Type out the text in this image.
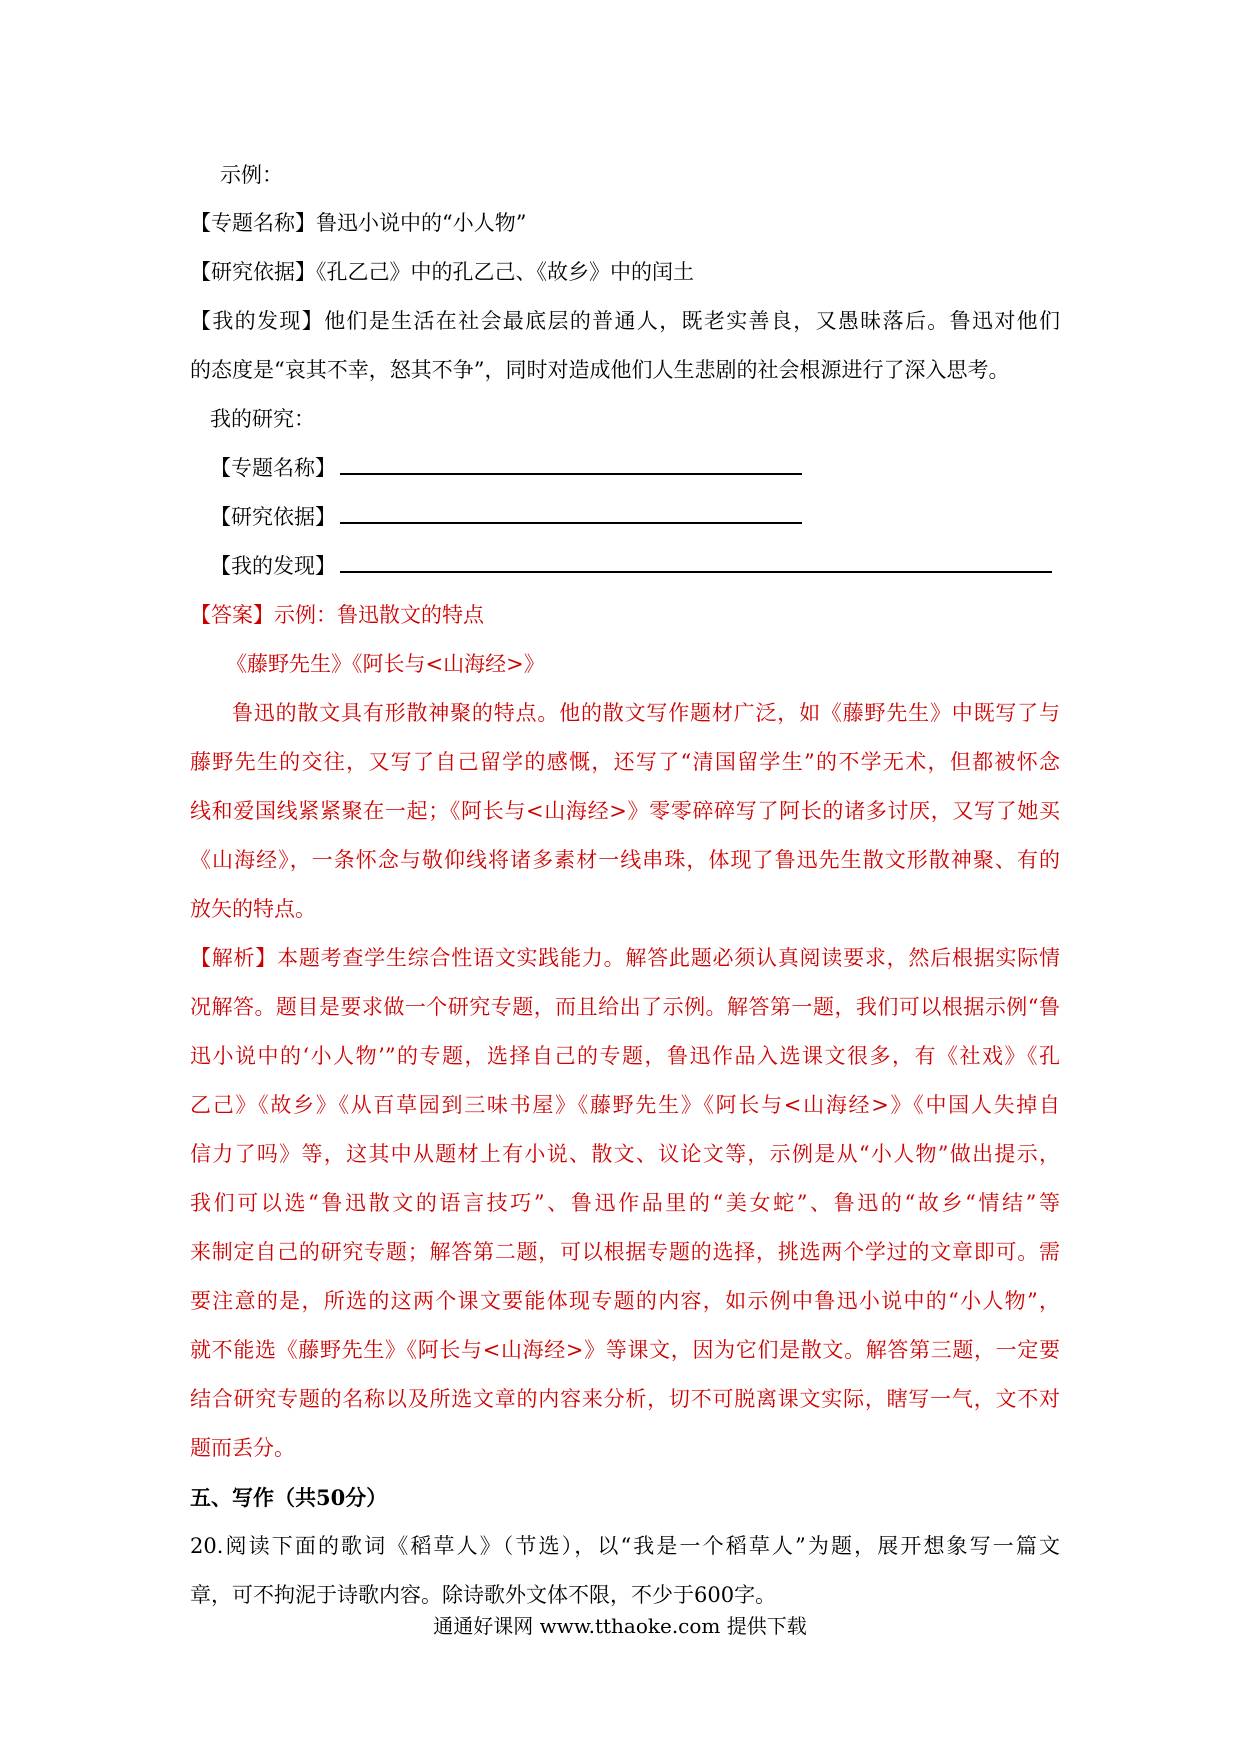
示例：
【专题名称】鲁迅小说中的“小人物”
【研究依据】《孔乙己》中的孔乙己、《故乡》中的闰土
【我的发现】他们是生活在社会最底层的普通人，既老实善良，又愚昧落后。鲁迅对他们
的态度是“哀其不幸，怒其不争”，同时对造成他们人生悲剧的社会根源进行了深入思考。
我的研究：
【专题名称】
【研究依据】
【我的发现】
【答案】示例：鲁迅散文的特点
《藤野先生》《阿长与<山海经>》
鲁迅的散文具有形散神聚的特点。他的散文写作题材广泛，如《藤野先生》中既写了与
藤野先生的交往，又写了自己留学的感慨，还写了“清国留学生”的不学无术，但都被怀念
线和爱国线紧紧聚在一起；《阿长与<山海经>》零零碎碎写了阿长的诸多讨厌，又写了她买
《山海经》，一条怀念与敬仰线将诸多素材一线串珠，体现了鲁迅先生散文形散神聚、有的
放矢的特点。
【解析】本题考查学生综合性语文实践能力。解答此题必须认真阅读要求，然后根据实际情
况解答。题目是要求做一个研究专题，而且给出了示例。解答第一题，我们可以根据示例“鲁
迅小说中的‘小人物’”的专题，选择自己的专题，鲁迅作品入选课文很多，有《社戏》《孔
乙己》《故乡》《从百草园到三味书屋》《藤野先生》《阿长与<山海经>》《中国人失掉自
信力了吗》等，这其中从题材上有小说、散文、议论文等，示例是从“小人物”做出提示，
我们可以选“鲁迅散文的语言技巧”、鲁迅作品里的“美女蛇”、鲁迅的“故乡“情结”等
来制定自己的研究专题；解答第二题，可以根据专题的选择，挑选两个学过的文章即可。需
要注意的是，所选的这两个课文要能体现专题的内容，如示例中鲁迅小说中的“小人物”，
就不能选《藤野先生》《阿长与<山海经>》等课文，因为它们是散文。解答第三题，一定要
结合研究专题的名称以及所选文章的内容来分析，切不可脱离课文实际，瞎写一气，文不对
题而丢分。
五、写作（共50分）
20.阅读下面的歌词《稻草人》（节选），以“我是一个稻草人”为题，展开想象写一篇文
章，可不拘泥于诗歌内容。除诗歌外文体不限，不少于600字。
通通好课网 www.tthaoke.com 提供下载
